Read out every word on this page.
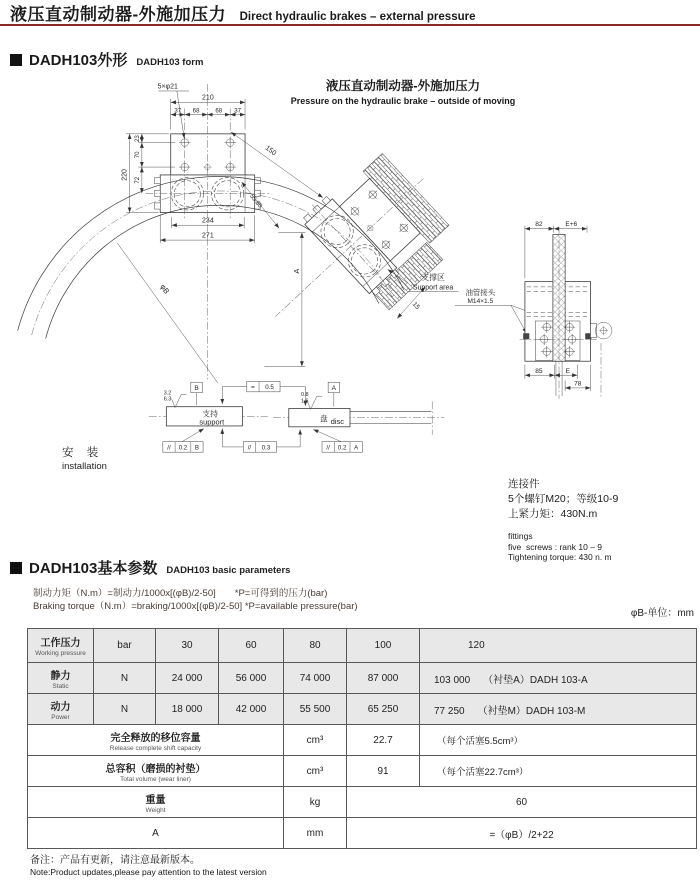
液压直动制动器-外施加压力 Direct hydraulic brakes – external pressure
DADH103外形 DADH103 form
φB
5×φ21
210
37 68 68 37
220
23
70
72
234
271
A
150
55-50
15
支撑区
Support area 油管接头
M14×1.5
82	E+6
85	E
78
支持
support
3.2
6.3
B	= 0.5
盘 disc
0.8
1.6
A
// 0.2 B	// 0.3	// 0.2 A
液压直动制动器-外施加压力
Pressure on the hydraulic brake – outside of moving
安 装
installation
连接件
5个螺钉M20；等级10-9
上紧力矩：430N.m
fittings
five  screws : rank 10 – 9
Tightening torque: 430 n. m
DADH103基本参数 DADH103 basic parameters
制动力矩（N.m）=制动力/1000x[(φB)/2-50]　　*P=可得到的压力(bar)
Braking torque（N.m）=braking/1000x[(φB)/2-50] *P=available pressure(bar)
φB-单位：mm
工作压力
Working pressure	bar	30	60	80	100	120

静力
Static	N	24 000	56 000	74 000	87 000	103 000 （衬垫A）DADH 103-A

动力
Power	N	18 000	42 000	55 500	65 250	77 250 （衬垫M）DADH 103-M

完全释放的移位容量
Release complete shift capacity				cm³	22.7	（每个活塞5.5cm³）

总容积（磨损的衬垫）
Total volume (wear liner)				cm³	91	（每个活塞22.7cm³）

重量
Weight				kg	60	
A				mm	=（φB）/2+22	
备注：产品有更新，请注意最新版本。
Note:Product updates,please pay attention to the latest version
